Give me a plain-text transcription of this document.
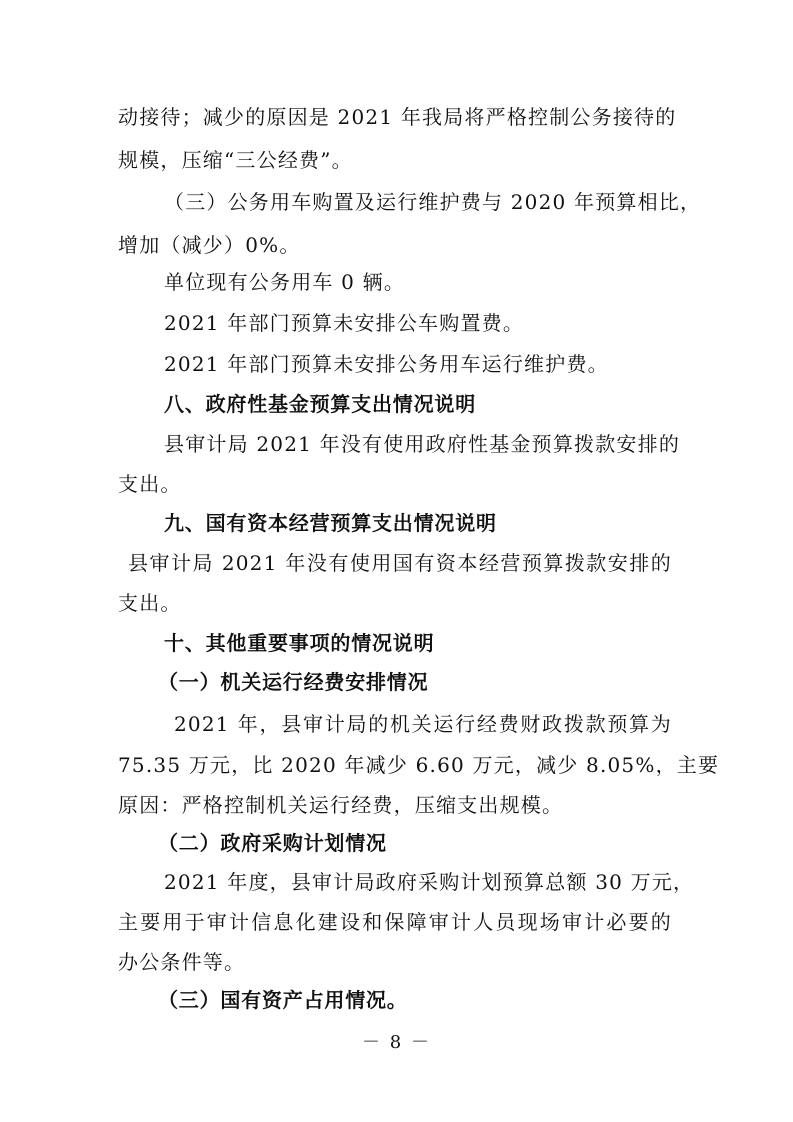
动接待；减少的原因是 2021 年我局将严格控制公务接待的
规模，压缩“三公经费”。
（三）公务用车购置及运行维护费与 2020 年预算相比，
增加（减少）0%。
单位现有公务用车 0 辆。
2021 年部门预算未安排公车购置费。
2021 年部门预算未安排公务用车运行维护费。
八、政府性基金预算支出情况说明
县审计局 2021 年没有使用政府性基金预算拨款安排的
支出。
九、国有资本经营预算支出情况说明
县审计局 2021 年没有使用国有资本经营预算拨款安排的
支出。
十、其他重要事项的情况说明
（一）机关运行经费安排情况
2021 年，县审计局的机关运行经费财政拨款预算为
75.35 万元，比 2020 年减少 6.60 万元，减少 8.05%，主要
原因：严格控制机关运行经费，压缩支出规模。
（二）政府采购计划情况
2021 年度，县审计局政府采购计划预算总额 30 万元，
主要用于审计信息化建设和保障审计人员现场审计必要的
办公条件等。
（三）国有资产占用情况。
－ 8 －
